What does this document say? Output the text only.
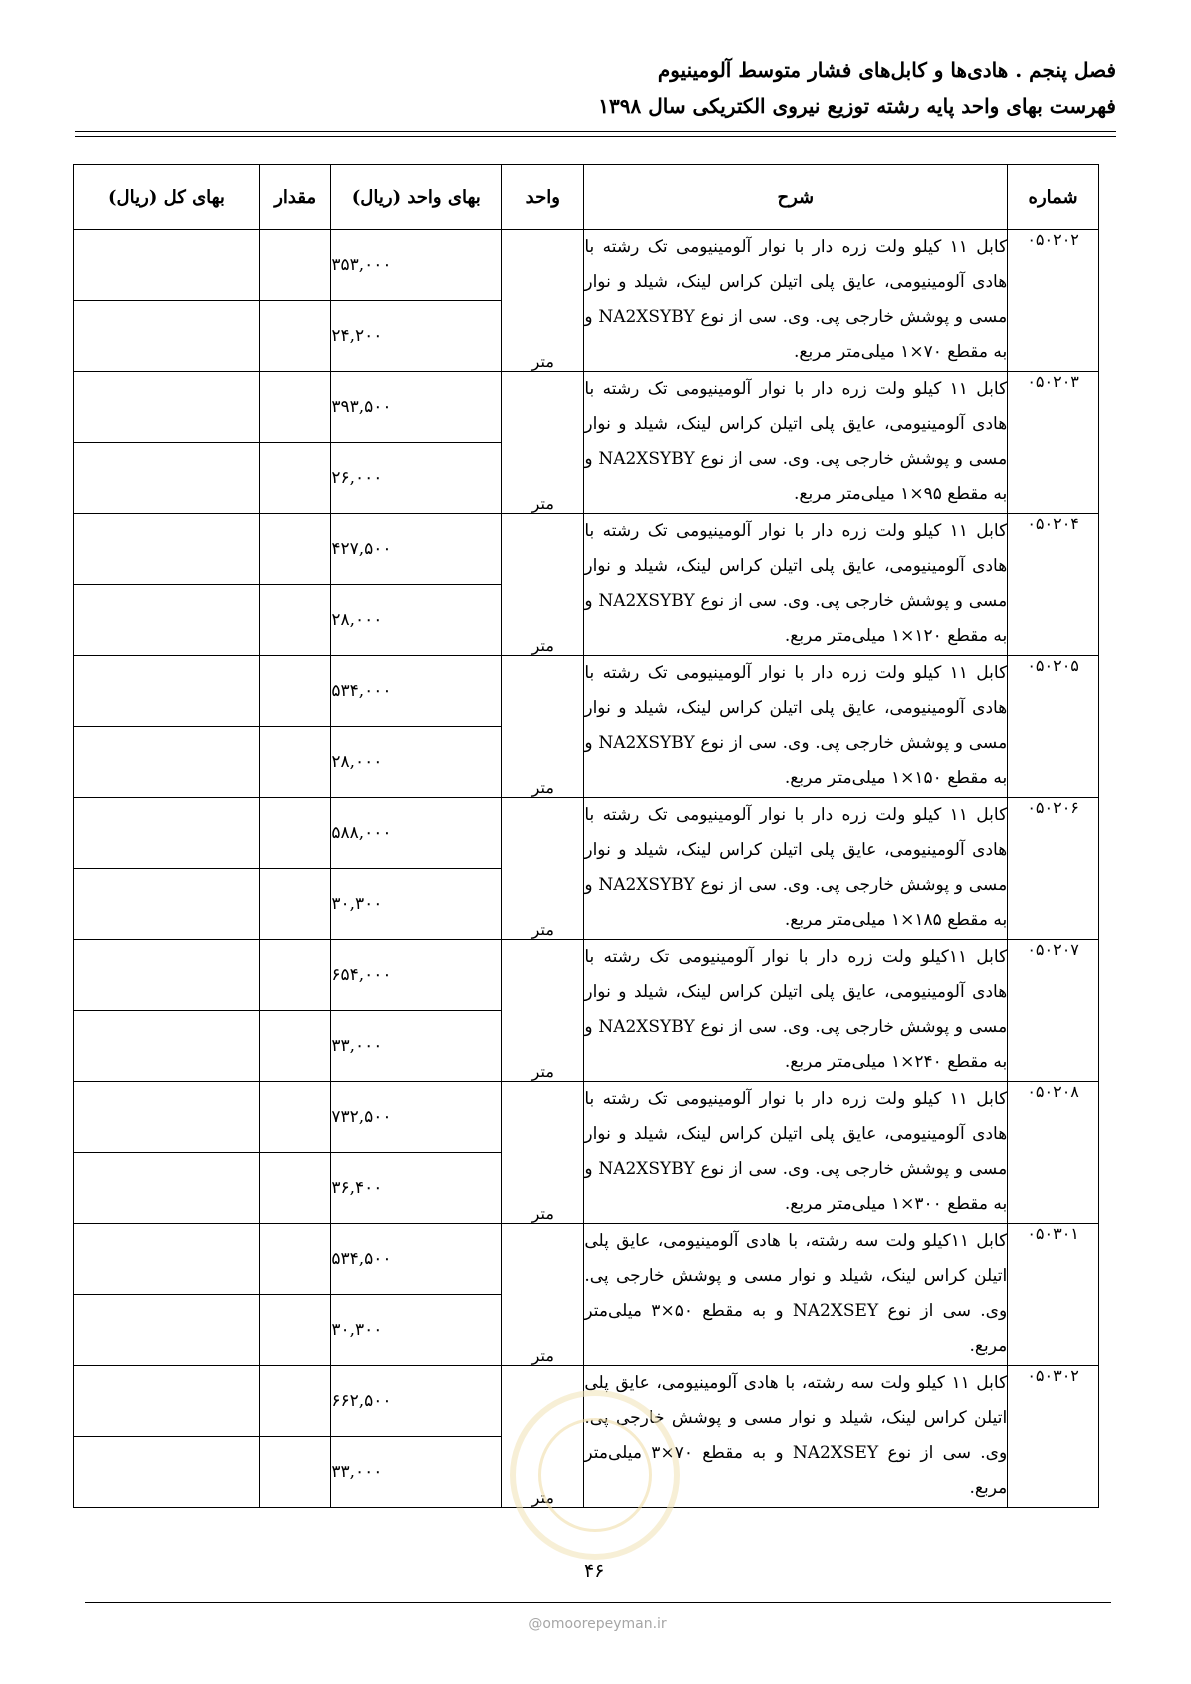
فصل پنجم . هادی‌ها و کابل‌های فشار متوسط آلومینیوم
فهرست بهای واحد پایه رشته توزیع نیروی الکتریکی سال ۱۳۹۸
شماره	شرح	واحد	بهای واحد (ریال)	مقدار	بهای کل (ریال)
۰۵۰۲۰۲	کابل ۱۱ کیلو ولت زره دار با نوار آلومینیومی تک رشته با هادی آلومینیومی، عایق پلی اتیلن کراس لینک، شیلد و نوار مسی و پوشش خارجی پی. وی. سی از نوع NA2XSYBY و به مقطع ۷۰×۱ میلی‌متر مربع.	متر	۳۵۳,۰۰۰		
			۲۴,۲۰۰		
۰۵۰۲۰۳	کابل ۱۱ کیلو ولت زره دار با نوار آلومینیومی تک رشته با هادی آلومینیومی، عایق پلی اتیلن کراس لینک، شیلد و نوار مسی و پوشش خارجی پی. وی. سی از نوع NA2XSYBY و به مقطع ۹۵×۱ میلی‌متر مربع.	متر	۳۹۳,۵۰۰		
			۲۶,۰۰۰		
۰۵۰۲۰۴	کابل ۱۱ کیلو ولت زره دار با نوار آلومینیومی تک رشته با هادی آلومینیومی، عایق پلی اتیلن کراس لینک، شیلد و نوار مسی و پوشش خارجی پی. وی. سی از نوع NA2XSYBY و به مقطع ۱۲۰×۱ میلی‌متر مربع.	متر	۴۲۷,۵۰۰		
			۲۸,۰۰۰		
۰۵۰۲۰۵	کابل ۱۱ کیلو ولت زره دار با نوار آلومینیومی تک رشته با هادی آلومینیومی، عایق پلی اتیلن کراس لینک، شیلد و نوار مسی و پوشش خارجی پی. وی. سی از نوع NA2XSYBY و به مقطع ۱۵۰×۱ میلی‌متر مربع.	متر	۵۳۴,۰۰۰		
			۲۸,۰۰۰		
۰۵۰۲۰۶	کابل ۱۱ کیلو ولت زره دار با نوار آلومینیومی تک رشته با هادی آلومینیومی، عایق پلی اتیلن کراس لینک، شیلد و نوار مسی و پوشش خارجی پی. وی. سی از نوع NA2XSYBY و به مقطع ۱۸۵×۱ میلی‌متر مربع.	متر	۵۸۸,۰۰۰		
			۳۰,۳۰۰		
۰۵۰۲۰۷	کابل ۱۱کیلو ولت زره دار با نوار آلومینیومی تک رشته با هادی آلومینیومی، عایق پلی اتیلن کراس لینک، شیلد و نوار مسی و پوشش خارجی پی. وی. سی از نوع NA2XSYBY و به مقطع ۲۴۰×۱ میلی‌متر مربع.	متر	۶۵۴,۰۰۰		
			۳۳,۰۰۰		
۰۵۰۲۰۸	کابل ۱۱ کیلو ولت زره دار با نوار آلومینیومی تک رشته با هادی آلومینیومی، عایق پلی اتیلن کراس لینک، شیلد و نوار مسی و پوشش خارجی پی. وی. سی از نوع NA2XSYBY و به مقطع ۳۰۰×۱ میلی‌متر مربع.	متر	۷۳۲,۵۰۰		
			۳۶,۴۰۰		
۰۵۰۳۰۱	کابل ۱۱کیلو ولت سه رشته، با هادی آلومینیومی، عایق پلی اتیلن کراس لینک، شیلد و نوار مسی و پوشش خارجی پی. وی. سی از نوع NA2XSEY و به مقطع ۵۰×۳ میلی‌متر مربع.	متر	۵۳۴,۵۰۰		
			۳۰,۳۰۰		
۰۵۰۳۰۲	کابل ۱۱ کیلو ولت سه رشته، با هادی آلومینیومی، عایق پلی اتیلن کراس لینک، شیلد و نوار مسی و پوشش خارجی پی. وی. سی از نوع NA2XSEY و به مقطع ۷۰×۳ میلی‌متر مربع.	متر	۶۶۲,۵۰۰		
			۳۳,۰۰۰		
۴۶
@omoorepeyman.ir
